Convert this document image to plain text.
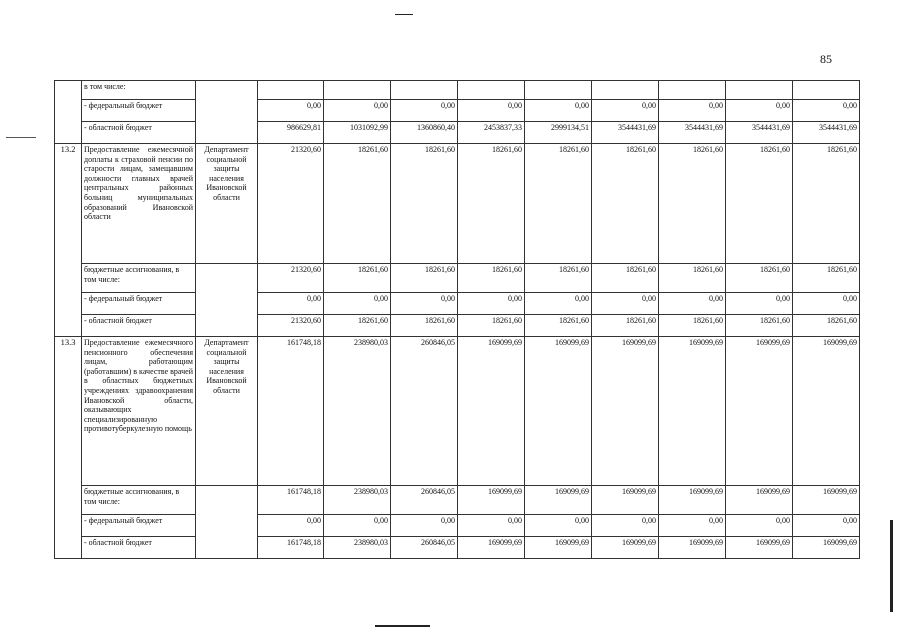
85
	в том числе:										
	- федеральный бюджет		0,00	0,00	0,00	0,00	0,00	0,00	0,00	0,00	0,00
	- областной бюджет		986629,81	1031092,99	1360860,40	2453837,33	2999134,51	3544431,69	3544431,69	3544431,69	3544431,69
13.2	Предоставление ежемесячной доплаты к страховой пенсии по старости лицам, замещавшим должности главных врачей центральных районных больниц муниципальных образований Ивановской области	Департамент социальной защиты населения Ивановской области	21320,60	18261,60	18261,60	18261,60	18261,60	18261,60	18261,60	18261,60	18261,60
	бюджетные ассигнования, в том числе:		21320,60	18261,60	18261,60	18261,60	18261,60	18261,60	18261,60	18261,60	18261,60
	- федеральный бюджет		0,00	0,00	0,00	0,00	0,00	0,00	0,00	0,00	0,00
	- областной бюджет		21320,60	18261,60	18261,60	18261,60	18261,60	18261,60	18261,60	18261,60	18261,60
13.3	Предоставление ежемесячного пенсионного обеспечения лицам, работающим (работавшим) в качестве врачей в областных бюджетных учреждениях здравоохранения Ивановской области, оказывающих специализированную противотуберкулезную помощь	Департамент социальной защиты населения Ивановской области	161748,18	238980,03	260846,05	169099,69	169099,69	169099,69	169099,69	169099,69	169099,69
	бюджетные ассигнования, в том числе:		161748,18	238980,03	260846,05	169099,69	169099,69	169099,69	169099,69	169099,69	169099,69
	- федеральный бюджет		0,00	0,00	0,00	0,00	0,00	0,00	0,00	0,00	0,00
	- областной бюджет		161748,18	238980,03	260846,05	169099,69	169099,69	169099,69	169099,69	169099,69	169099,69
